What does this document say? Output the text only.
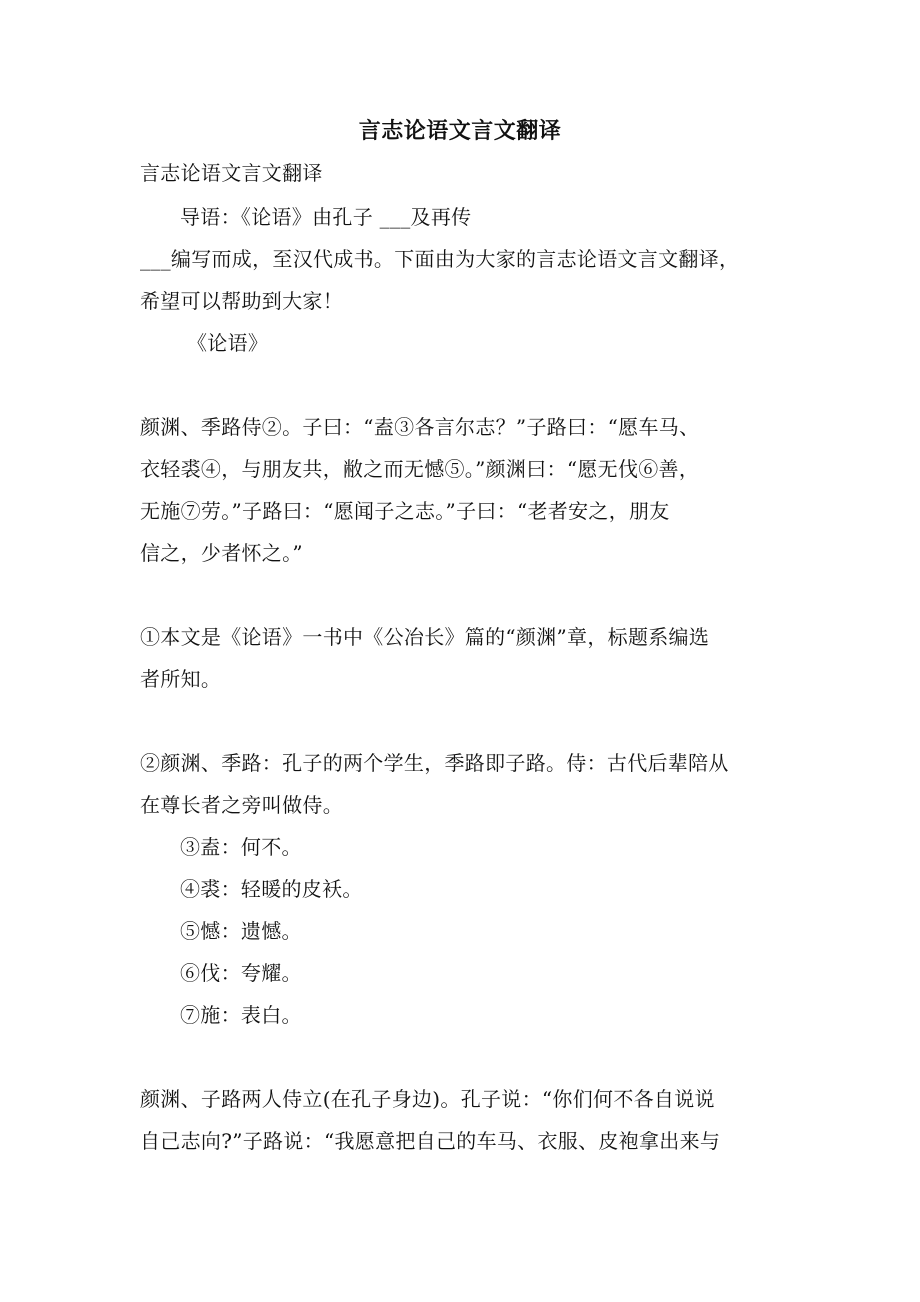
言志论语文言文翻译
言志论语文言文翻译
导语：《论语》由孔子 ___及再传
___编写而成，至汉代成书。下面由为大家的言志论语文言文翻译，
希望可以帮助到大家！
《论语》
颜渊、季路侍②。子曰：“盍③各言尔志？”子路曰：“愿车马、
衣轻裘④，与朋友共，敝之而无憾⑤。”颜渊曰：“愿无伐⑥善，
无施⑦劳。”子路曰：“愿闻子之志。”子曰：“老者安之，朋友
信之，少者怀之。”
①本文是《论语》一书中《公冶长》篇的“颜渊”章，标题系编选
者所知。
②颜渊、季路：孔子的两个学生，季路即子路。侍：古代后辈陪从
在尊长者之旁叫做侍。
③盍：何不。
④裘：轻暖的皮袄。
⑤憾：遗憾。
⑥伐：夸耀。
⑦施：表白。
颜渊、子路两人侍立(在孔子身边)。孔子说：“你们何不各自说说
自己志向?”子路说：“我愿意把自己的车马、衣服、皮袍拿出来与
